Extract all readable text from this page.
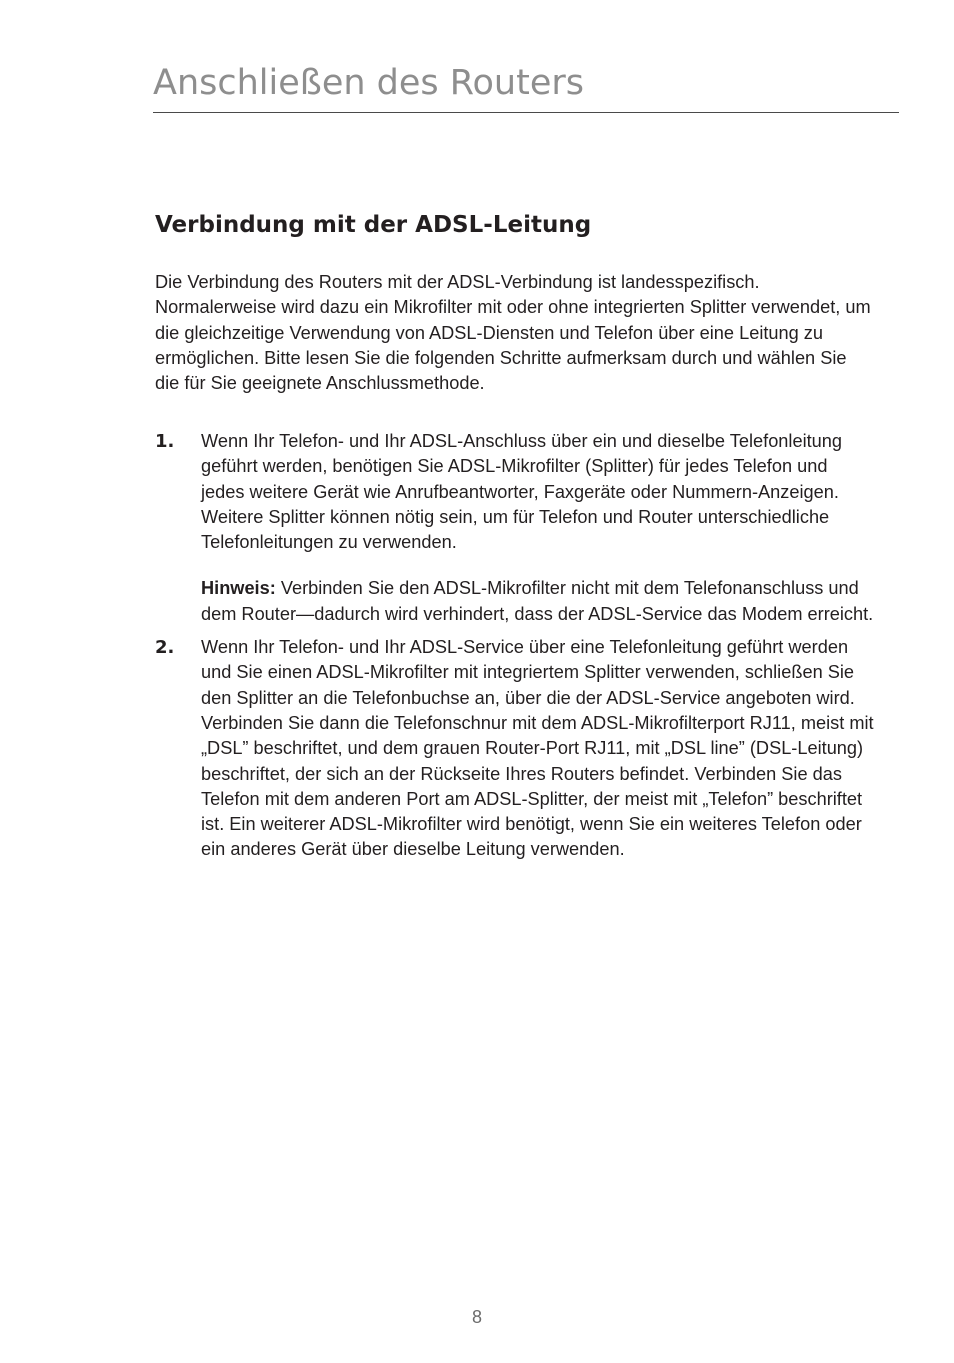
Anschließen des Routers
Verbindung mit der ADSL-Leitung

Die Verbindung des Routers mit der ADSL-Verbindung ist landesspezifisch. Normalerweise wird dazu ein Mikrofilter mit oder ohne integrierten Splitter verwendet, um die gleichzeitige Verwendung von ADSL-Diensten und Telefon über eine Leitung zu ermöglichen. Bitte lesen Sie die folgenden Schritte aufmerksam durch und wählen Sie die für Sie geeignete Anschlussmethode.

1. Wenn Ihr Telefon- und Ihr ADSL-Anschluss über ein und dieselbe Telefonleitung geführt werden, benötigen Sie ADSL-Mikrofilter (Splitter) für jedes Telefon und jedes weitere Gerät wie Anrufbeantworter, Faxgeräte oder Nummern-Anzeigen. Weitere Splitter können nötig sein, um für Telefon und Router unterschiedliche Telefonleitungen zu verwenden.

Hinweis: Verbinden Sie den ADSL-Mikrofilter nicht mit dem Telefonanschluss und dem Router—dadurch wird verhindert, dass der ADSL-Service das Modem erreicht.

2. Wenn Ihr Telefon- und Ihr ADSL-Service über eine Telefonleitung geführt werden und Sie einen ADSL-Mikrofilter mit integriertem Splitter verwenden, schließen Sie den Splitter an die Telefonbuchse an, über die der ADSL-Service angeboten wird. Verbinden Sie dann die Telefonschnur mit dem ADSL-Mikrofilterport RJ11, meist mit „DSL” beschriftet, und dem grauen Router-Port RJ11, mit „DSL line” (DSL-Leitung) beschriftet, der sich an der Rückseite Ihres Routers befindet. Verbinden Sie das Telefon mit dem anderen Port am ADSL-Splitter, der meist mit „Telefon” beschriftet ist. Ein weiterer ADSL-Mikrofilter wird benötigt, wenn Sie ein weiteres Telefon oder ein anderes Gerät über dieselbe Leitung verwenden.

8
